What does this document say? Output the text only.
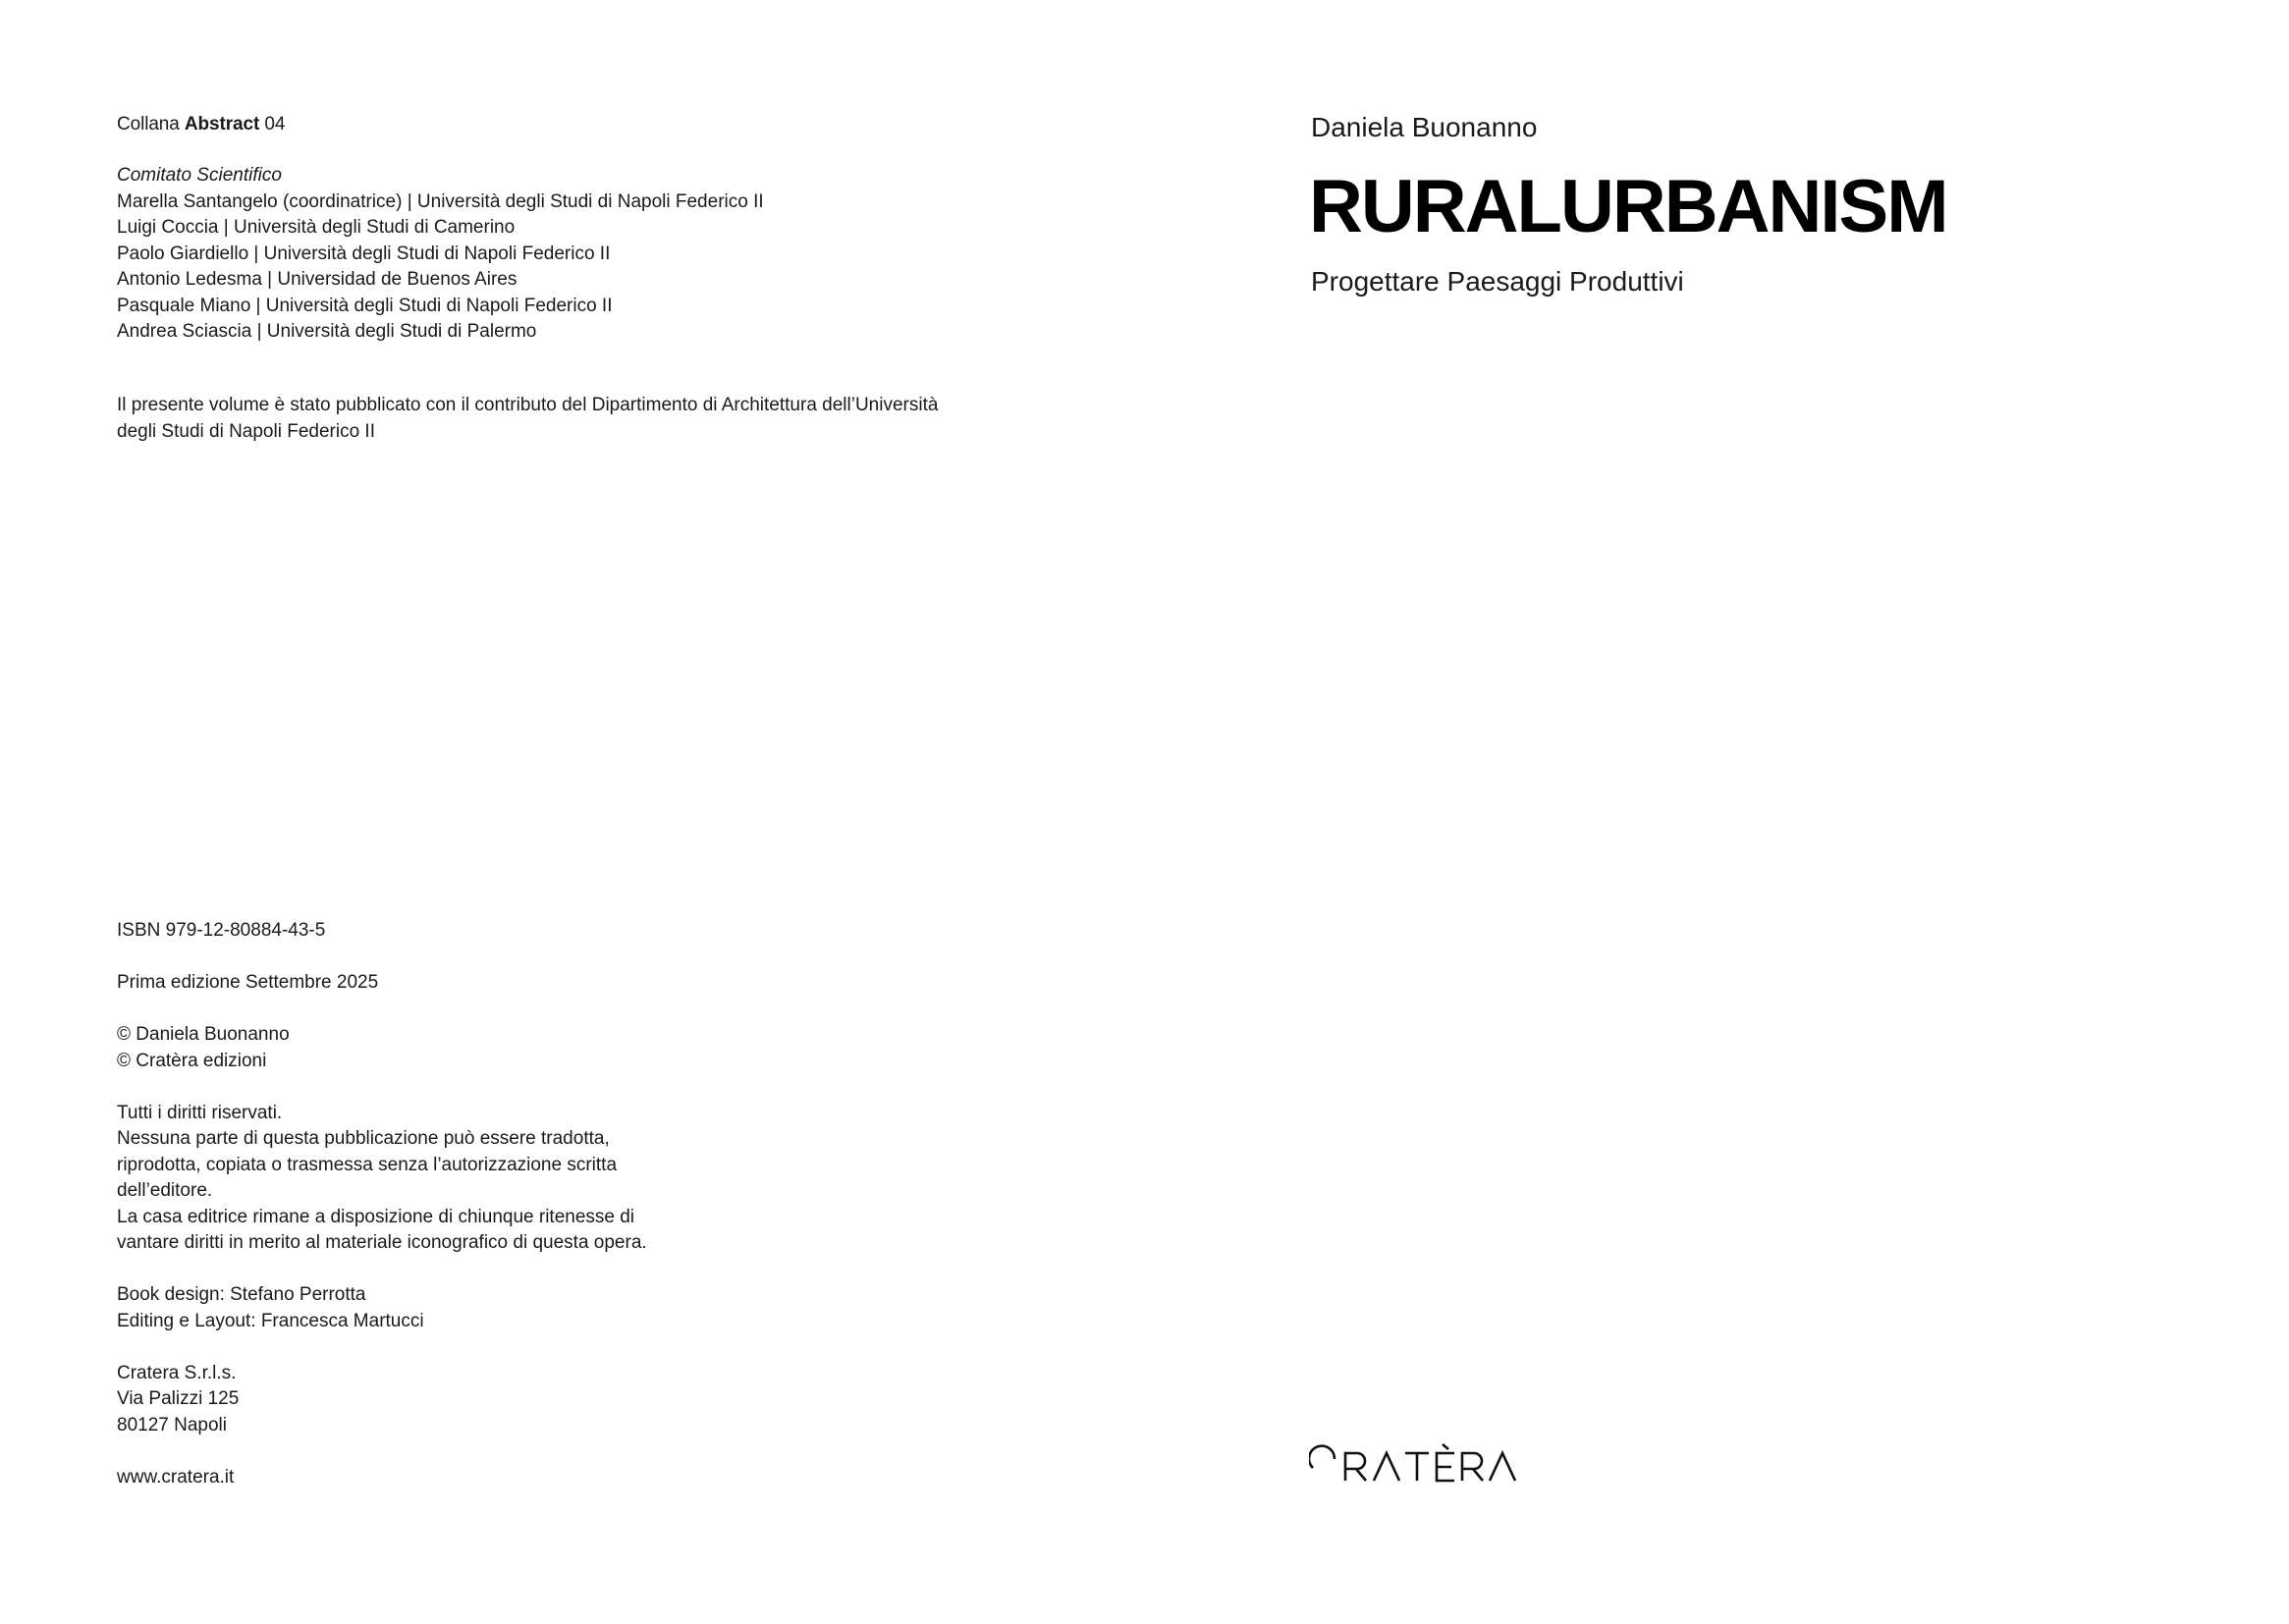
Collana Abstract 04
Comitato Scientifico
Marella Santangelo (coordinatrice) | Università degli Studi di Napoli Federico II
Luigi Coccia | Università degli Studi di Camerino
Paolo Giardiello | Università degli Studi di Napoli Federico II
Antonio Ledesma | Universidad de Buenos Aires
Pasquale Miano | Università degli Studi di Napoli Federico II
Andrea Sciascia | Università degli Studi di Palermo
Il presente volume è stato pubblicato con il contributo del Dipartimento di Architettura dell’Università
degli Studi di Napoli Federico II
ISBN 979-12-80884-43-5
Prima edizione Settembre 2025
© Daniela Buonanno
© Cratèra edizioni
Tutti i diritti riservati.
Nessuna parte di questa pubblicazione può essere tradotta,
riprodotta, copiata o trasmessa senza l’autorizzazione scritta
dell’editore.
La casa editrice rimane a disposizione di chiunque ritenesse di
vantare diritti in merito al materiale iconografico di questa opera.
Book design: Stefano Perrotta
Editing e Layout: Francesca Martucci
Cratera S.r.l.s.
Via Palizzi 125
80127 Napoli
www.cratera.it
Daniela Buonanno
RURALURBANISM
Progettare Paesaggi Produttivi
